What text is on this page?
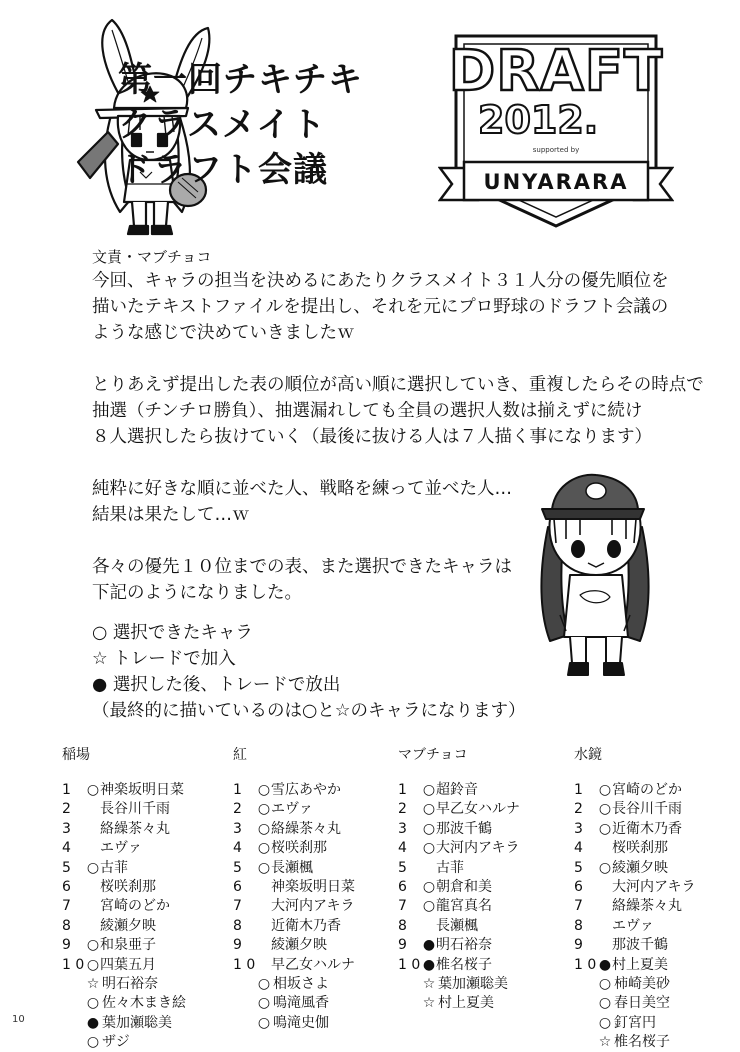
第一回チキチキ
クラスメイト
ドラフト会議
DRAFT
2012.
supported by
UNYARARA

文責・マブチョコ

今回、キャラの担当を決めるにあたりクラスメイト３１人分の優先順位を
描いたテキストファイルを提出し、それを元にプロ野球のドラフト会議の
ような感じで決めていきましたｗ

とりあえず提出した表の順位が高い順に選択していき、重複したらその時点で
抽選（チンチロ勝負）、抽選漏れしても全員の選択人数は揃えずに続け
８人選択したら抜けていく（最後に抜ける人は７人描く事になります）

純粋に好きな順に並べた人、戦略を練って並べた人…
結果は果たして…ｗ

各々の優先１０位までの表、また選択できたキャラは
下記のようになりました。

○ 選択できたキャラ
☆ トレードで加入
● 選択した後、トレードで放出
（最終的に描いているのは○と☆のキャラになります）
稲場
1	○ 神楽坂明日菜
2	長谷川千雨
3	絡繰茶々丸
4	エヴァ
5	○ 古菲
6	桜咲刹那
7	宮崎のどか
8	綾瀬夕映
9	○ 和泉亜子
1 0 ○ 四葉五月
☆ 明石裕奈
○ 佐々木まき絵
● 葉加瀬聡美
○ ザジ
紅
1	○ 雪広あやか
2	○ エヴァ
3	○ 絡繰茶々丸
4	○ 桜咲刹那
5	○ 長瀬楓
6	神楽坂明日菜
7	大河内アキラ
8	近衛木乃香
9	綾瀬夕映
1 0 早乙女ハルナ
○ 相坂さよ
○ 鳴滝風香
○ 鳴滝史伽
マブチョコ
1	○ 超鈴音
2	○ 早乙女ハルナ
3	○ 那波千鶴
4	○ 大河内アキラ
5	古菲
6	○ 朝倉和美
7	○ 龍宮真名
8	長瀬楓
9	● 明石裕奈
1 0 ● 椎名桜子
☆ 葉加瀬聡美
☆ 村上夏美
水鏡
1	○ 宮崎のどか
2	○ 長谷川千雨
3	○ 近衛木乃香
4	桜咲刹那
5	○ 綾瀬夕映
6	大河内アキラ
7	絡繰茶々丸
8	エヴァ
9	那波千鶴
1 0 ● 村上夏美
○ 柿崎美砂
○ 春日美空
○ 釘宮円
☆ 椎名桜子
10
